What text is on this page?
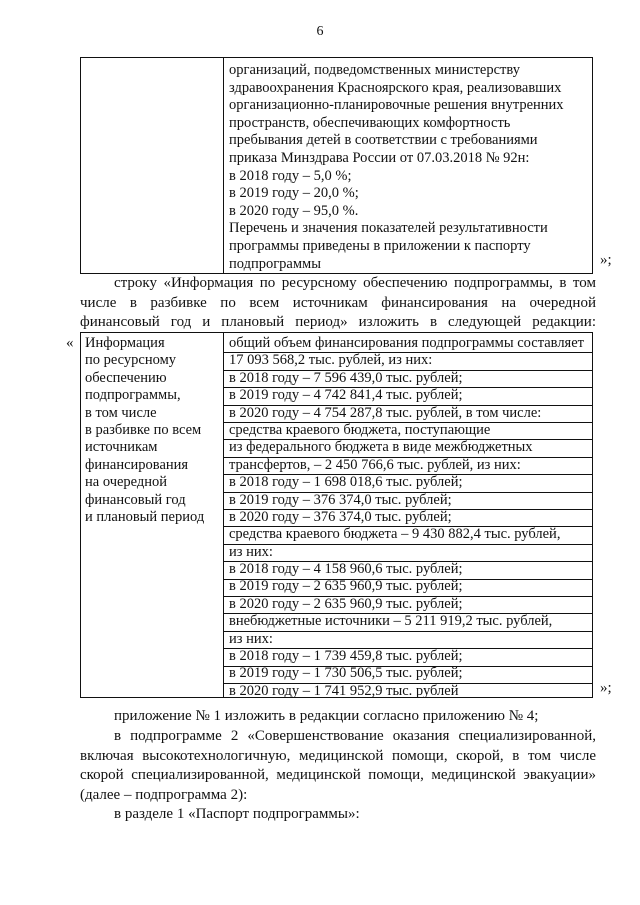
6
организаций, подведомственных министерству
здравоохранения Красноярского края, реализовавших
организационно-планировочные решения внутренних
пространств, обеспечивающих комфортность
пребывания детей в соответствии с требованиями
приказа Минздрава России от 07.03.2018 № 92н:
в 2018 году – 5,0 %;
в 2019 году – 20,0 %;
в 2020 году – 95,0 %.
Перечень и значения показателей результативности
программы приведены в приложении к паспорту
подпрограммы	»;
строку «Информация по ресурсному обеспечению подпрограммы, в том числе в разбивке по всем источникам финансирования на очередной финансовый год и плановый период» изложить в следующей редакции:
« Информация
по ресурсному
обеспечению
подпрограммы,
в том числе
в разбивке по всем
источникам
финансирования
на очередной
финансовый год
и плановый период
общий объем финансирования подпрограммы составляет
17 093 568,2 тыс. рублей, из них:
в 2018 году – 7 596 439,0 тыс. рублей;
в 2019 году – 4 742 841,4 тыс. рублей;
в 2020 году – 4 754 287,8 тыс. рублей, в том числе:
средства краевого бюджета, поступающие
из федерального бюджета в виде межбюджетных
трансфертов, – 2 450 766,6 тыс. рублей, из них:
в 2018 году – 1 698 018,6 тыс. рублей;
в 2019 году – 376 374,0 тыс. рублей;
в 2020 году – 376 374,0 тыс. рублей;
средства краевого бюджета – 9 430 882,4 тыс. рублей,
из них:
в 2018 году – 4 158 960,6 тыс. рублей;
в 2019 году – 2 635 960,9 тыс. рублей;
в 2020 году – 2 635 960,9 тыс. рублей;
внебюджетные источники – 5 211 919,2 тыс. рублей,
из них:
в 2018 году – 1 739 459,8 тыс. рублей;
в 2019 году – 1 730 506,5 тыс. рублей;
в 2020 году – 1 741 952,9 тыс. рублей	»;
приложение № 1 изложить в редакции согласно приложению № 4;
в подпрограмме 2 «Совершенствование оказания специализированной, включая высокотехнологичную, медицинской помощи, скорой, в том числе скорой специализированной, медицинской помощи, медицинской эвакуации» (далее – подпрограмма 2):
в разделе 1 «Паспорт подпрограммы»:
